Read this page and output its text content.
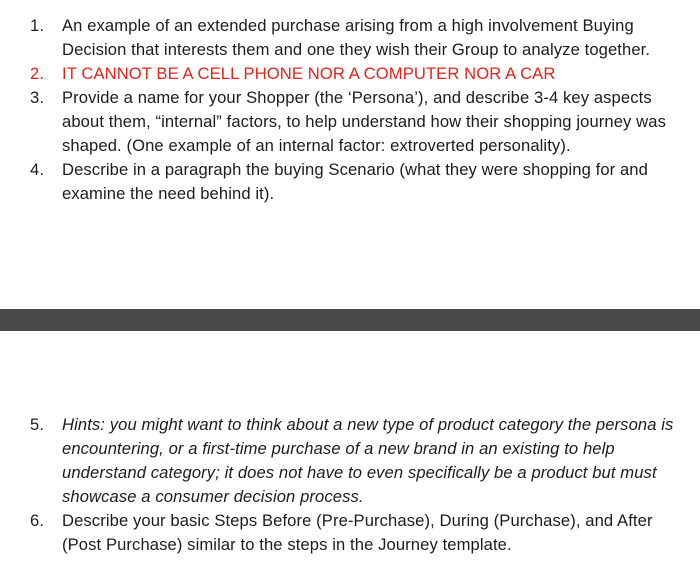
1. An example of an extended purchase arising from a high involvement Buying Decision that interests them and one they wish their Group to analyze together.
2. IT CANNOT BE A CELL PHONE NOR A COMPUTER NOR A CAR
3. Provide a name for your Shopper (the ‘Persona’), and describe 3-4 key aspects about them, “internal” factors, to help understand how their shopping journey was shaped. (One example of an internal factor: extroverted personality).
4. Describe in a paragraph the buying Scenario (what they were shopping for and examine the need behind it).
5. Hints: you might want to think about a new type of product category the persona is encountering, or a first-time purchase of a new brand in an existing to help understand category; it does not have to even specifically be a product but must showcase a consumer decision process.
6. Describe your basic Steps Before (Pre-Purchase), During (Purchase), and After (Post Purchase) similar to the steps in the Journey template.
